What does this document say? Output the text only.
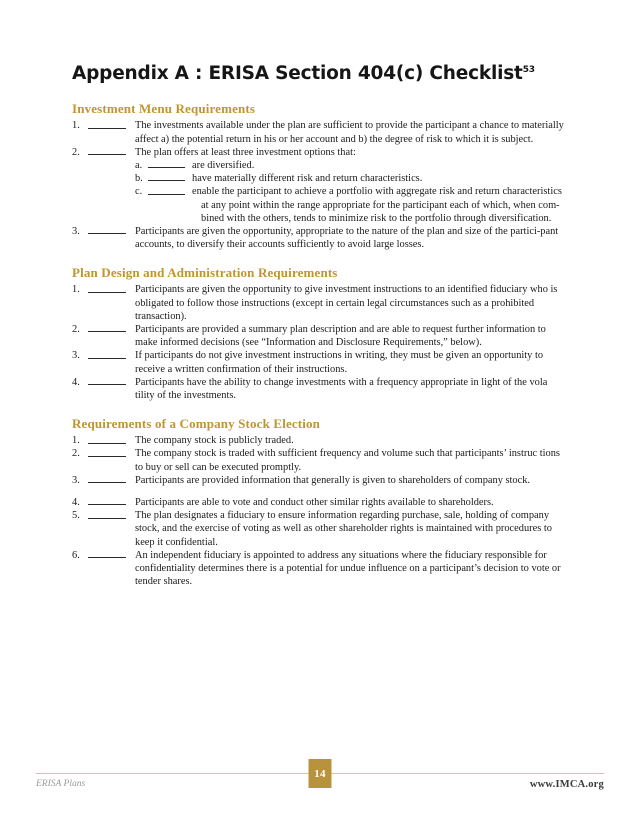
Appendix A : ERISA Section 404(c) Checklist$^{53}$
Investment Menu Requirements
1.	The investments available under the plan are sufficient to provide the participant a chance to materially affect a) the potential return in his or her account and b) the degree of risk to which it is subject.
2.	The plan offers at least three investment options that:
a.	are diversified.
b.	have materially different risk and return characteristics.
c.	enable the participant to achieve a portfolio with aggregate risk and return characteristics
at any point within the range appropriate for the participant each of which, when com-bined with the others, tends to minimize risk to the portfolio through diversification.
3.	Participants are given the opportunity, appropriate to the nature of the plan and size of the partici-pant accounts, to diversify their accounts sufficiently to avoid large losses.
Plan Design and Administration Requirements
1.	Participants are given the opportunity to give investment instructions to an identified fiduciary who is obligated to follow those instructions (except in certain legal circumstances such as a prohibited transaction).
2.	Participants are provided a summary plan description and are able to request further information to make informed decisions (see “Information and Disclosure Requirements,” below).
3.	If participants do not give investment instructions in writing, they must be given an opportunity to receive a written confirmation of their instructions.
4.	Participants have the ability to change investments with a frequency appropriate in light of the vola tility of the investments.
Requirements of a Company Stock Election
1.	The company stock is publicly traded.
2.	The company stock is traded with sufficient frequency and volume such that participants’ instruc tions to buy or sell can be executed promptly.
3.	Participants are provided information that generally is given to shareholders of company stock.
4.	Participants are able to vote and conduct other similar rights available to shareholders.
5.	The plan designates a fiduciary to ensure information regarding purchase, sale, holding of company stock, and the exercise of voting as well as other shareholder rights is maintained with procedures to keep it confidential.
6.	An independent fiduciary is appointed to address any situations where the fiduciary responsible for confidentiality determines there is a potential for undue influence on a participant’s decision to vote or tender shares.
14
ERISA Plans	www.IMCA.org
